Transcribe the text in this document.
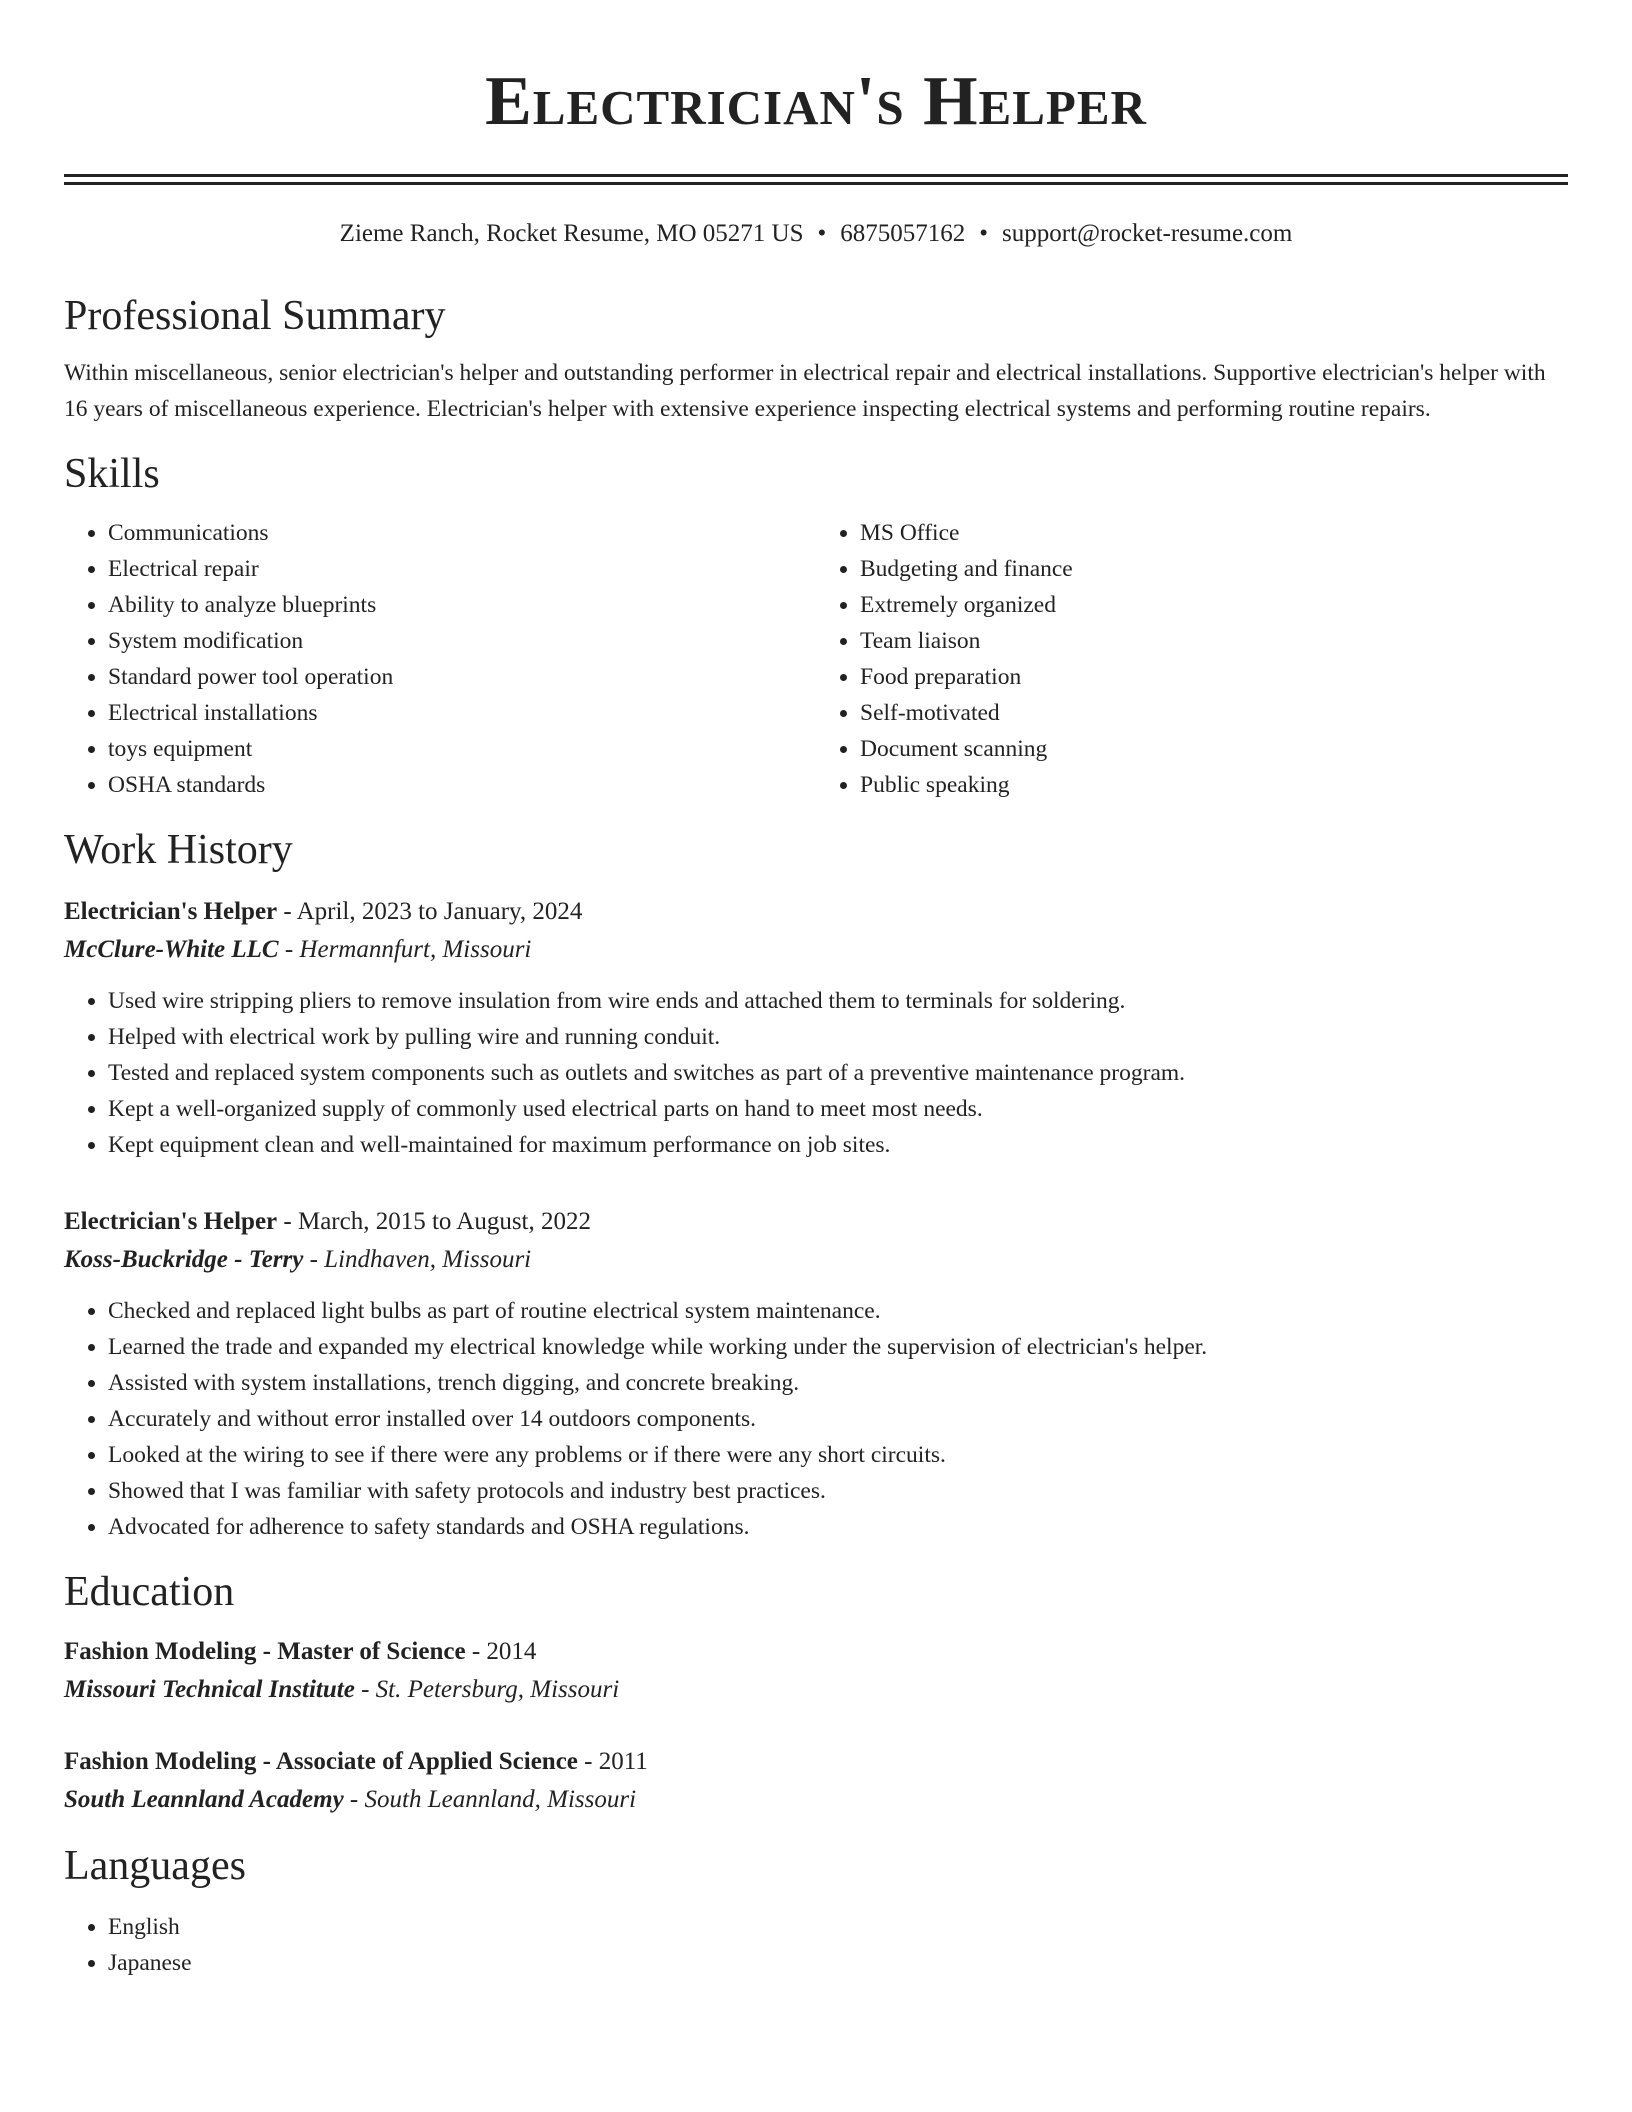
Electrician's Helper
Zieme Ranch, Rocket Resume, MO 05271 US • 6875057162 • support@rocket-resume.com
Professional Summary

Within miscellaneous, senior electrician's helper and outstanding performer in electrical repair and electrical installations. Supportive electrician's helper with 16 years of miscellaneous experience. Electrician's helper with extensive experience inspecting electrical systems and performing routine repairs.

Skills
• Communications
• Electrical repair
• Ability to analyze blueprints
• System modification
• Standard power tool operation
• Electrical installations
• toys equipment
• OSHA standards
• MS Office
• Budgeting and finance
• Extremely organized
• Team liaison
• Food preparation
• Self-motivated
• Document scanning
• Public speaking
Work History
Electrician's Helper - April, 2023 to January, 2024
McClure-White LLC - Hermannfurt, Missouri
• Used wire stripping pliers to remove insulation from wire ends and attached them to terminals for soldering.
• Helped with electrical work by pulling wire and running conduit.
• Tested and replaced system components such as outlets and switches as part of a preventive maintenance program.
• Kept a well-organized supply of commonly used electrical parts on hand to meet most needs.
• Kept equipment clean and well-maintained for maximum performance on job sites.
Electrician's Helper - March, 2015 to August, 2022
Koss-Buckridge - Terry - Lindhaven, Missouri
• Checked and replaced light bulbs as part of routine electrical system maintenance.
• Learned the trade and expanded my electrical knowledge while working under the supervision of electrician's helper.
• Assisted with system installations, trench digging, and concrete breaking.
• Accurately and without error installed over 14 outdoors components.
• Looked at the wiring to see if there were any problems or if there were any short circuits.
• Showed that I was familiar with safety protocols and industry best practices.
• Advocated for adherence to safety standards and OSHA regulations.
Education
Fashion Modeling - Master of Science - 2014
Missouri Technical Institute - St. Petersburg, Missouri
Fashion Modeling - Associate of Applied Science - 2011
South Leannland Academy - South Leannland, Missouri
Languages
• English
• Japanese
